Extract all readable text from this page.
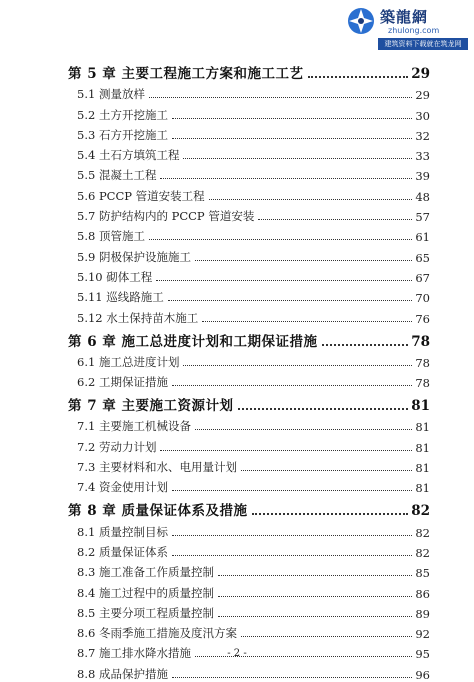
築龍網
zhulong.com
建筑资料下载就在筑龙网
第 5 章 主要工程施工方案和施工工艺	29
5.1 测量放样	29
5.2 土方开挖施工	30
5.3 石方开挖施工	32
5.4 土石方填筑工程	33
5.5 混凝土工程	39
5.6 PCCP 管道安装工程	48
5.7 防护结构内的 PCCP 管道安装	57
5.8 顶管施工	61
5.9 阴极保护设施施工	65
5.10 砌体工程	67
5.11 巡线路施工	70
5.12 水土保持苗木施工	76
第 6 章 施工总进度计划和工期保证措施	78
6.1 施工总进度计划	78
6.2 工期保证措施	78
第 7 章 主要施工资源计划	81
7.1 主要施工机械设备	81
7.2 劳动力计划	81
7.3 主要材料和水、电用量计划	81
7.4 资金使用计划	81
第 8 章 质量保证体系及措施	82
8.1 质量控制目标	82
8.2 质量保证体系	82
8.3 施工准备工作质量控制	85
8.4 施工过程中的质量控制	86
8.5 主要分项工程质量控制	89
8.6 冬雨季施工措施及度汛方案	92
8.7 施工排水降水措施	95
8.8 成品保护措施	96
- 2 -
